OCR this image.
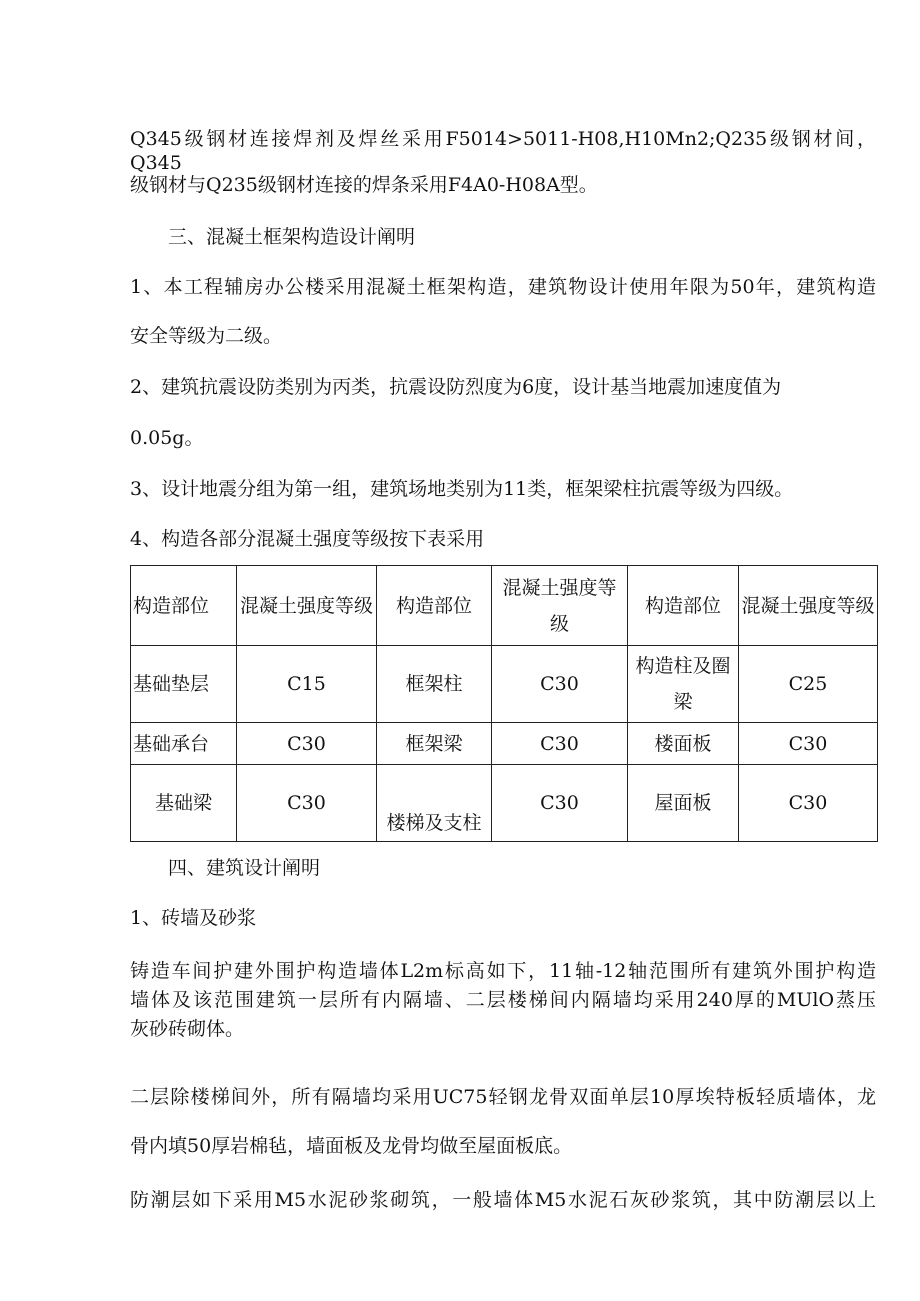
Q345级钢材连接焊剂及焊丝采用F5014>5011-H08,H10Mn2;Q235级钢材间，Q345
级钢材与Q235级钢材连接的焊条采用F4A0-H08A型。
三、混凝土框架构造设计阐明
1、本工程辅房办公楼采用混凝土框架构造，建筑物设计使用年限为50年，建筑构造
安全等级为二级。
2、建筑抗震设防类别为丙类，抗震设防烈度为6度，设计基当地震加速度值为
0.05g。
3、设计地震分组为第一组，建筑场地类别为11类，框架梁柱抗震等级为四级。
4、构造各部分混凝土强度等级按下表采用
构造部位	混凝土强度等级	构造部位	混凝土强度等级	构造部位	混凝土强度等级
基础垫层	C15	框架柱	C30	构造柱及圈梁	C25
基础承台	C30	框架梁	C30	楼面板	C30
基础梁	C30	楼梯及支柱	C30	屋面板	C30
四、建筑设计阐明
1、砖墙及砂浆
铸造车间护建外围护构造墙体L2m标高如下，11轴-12轴范围所有建筑外围护构造
墙体及该范围建筑一层所有内隔墙、二层楼梯间内隔墙均采用240厚的MUlO蒸压
灰砂砖砌体。
二层除楼梯间外，所有隔墙均采用UC75轻钢龙骨双面单层10厚埃特板轻质墙体，龙
骨内填50厚岩棉毡，墙面板及龙骨均做至屋面板底。
防潮层如下采用M5水泥砂浆砌筑，一般墙体M5水泥石灰砂浆筑，其中防潮层以上
